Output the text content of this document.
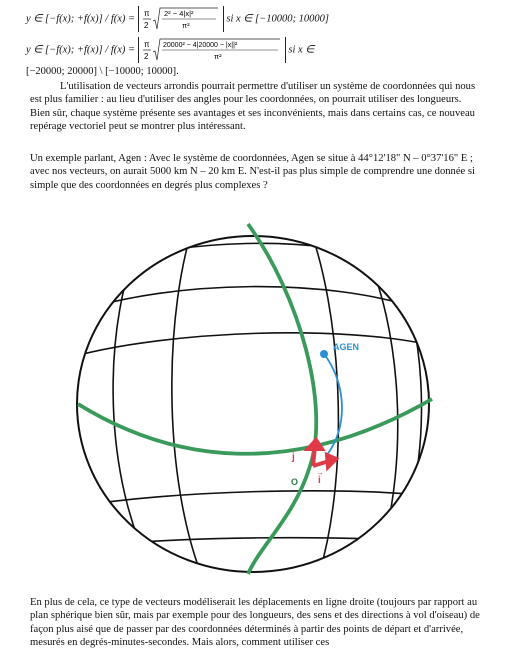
y ∈ [−f(x); +f(x)] / f(x) = π
2
2² − 4|x|²
π²
si x ∈ [−10000; 10000]
y ∈ [−f(x); +f(x)] / f(x) = π
2
20000² − 4|20000 − |x||²
π²
si x ∈
[−20000; 20000] \ [−10000; 10000].

L'utilisation de vecteurs arrondis pourrait permettre d'utiliser un système de coordonnées qui nous est plus familier : au lieu d'utiliser des angles pour les coordonnées, on pourrait utiliser des longueurs. Bien sûr, chaque système présente ses avantages et ses inconvénients, mais dans certains cas, ce nouveau repérage vectoriel peut se montrer plus intéressant.

Un exemple parlant, Agen : Avec le système de coordonnées, Agen se situe à 44°12'18" N – 0°37'16" E ; avec nos vecteurs, on aurait 5000 km N – 20 km E. N'est-il pas plus simple de comprendre une donnée si simple que des coordonnées en degrés plus complexes ?

AGEN
O
j
→
i
→

En plus de cela, ce type de vecteurs modéliserait les déplacements en ligne droite (toujours par rapport au plan sphérique bien sûr, mais par exemple pour des longueurs, des sens et des directions à vol d'oiseau) de façon plus aisé que de passer par des coordonnées déterminés à partir des points de départ et d'arrivée, mesurés en degrés-minutes-secondes. Mais alors, comment utiliser ces
